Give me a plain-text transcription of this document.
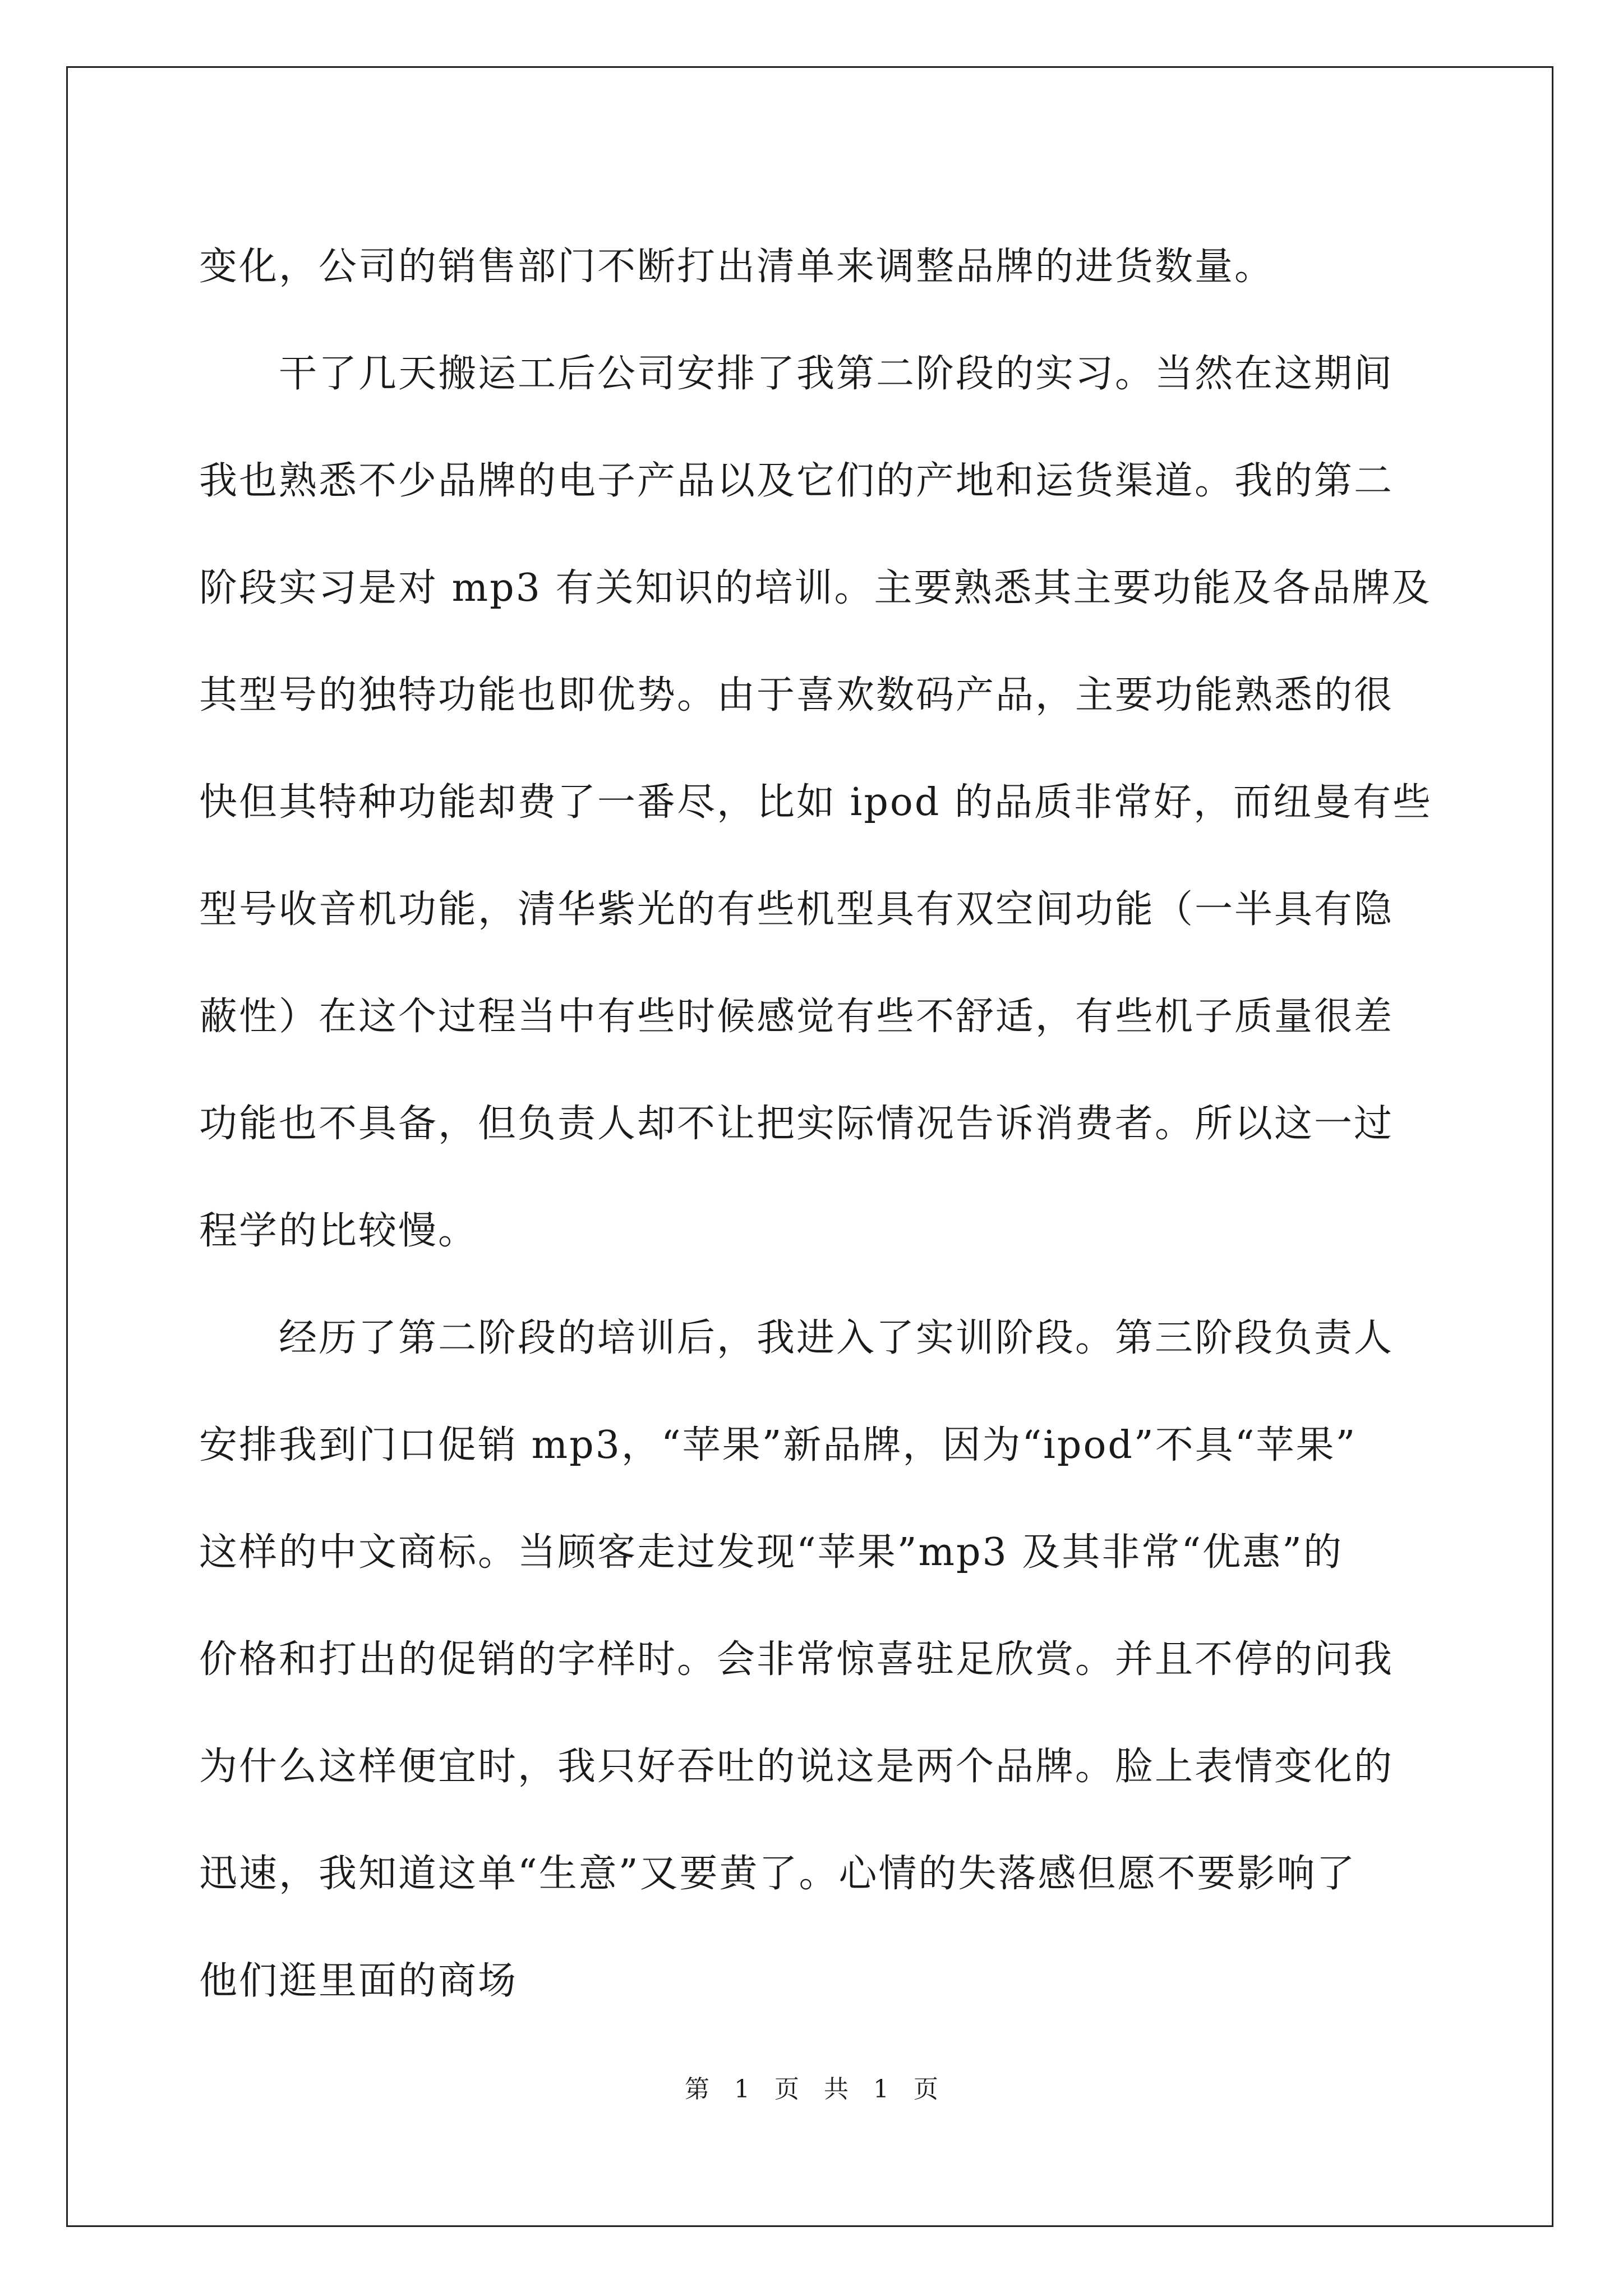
变化，公司的销售部门不断打出清单来调整品牌的进货数量。
　　干了几天搬运工后公司安排了我第二阶段的实习。当然在这期间
我也熟悉不少品牌的电子产品以及它们的产地和运货渠道。我的第二
阶段实习是对 mp3 有关知识的培训。主要熟悉其主要功能及各品牌及
其型号的独特功能也即优势。由于喜欢数码产品，主要功能熟悉的很
快但其特种功能却费了一番尽，比如 ipod 的品质非常好，而纽曼有些
型号收音机功能，清华紫光的有些机型具有双空间功能（一半具有隐
蔽性）在这个过程当中有些时候感觉有些不舒适，有些机子质量很差
功能也不具备，但负责人却不让把实际情况告诉消费者。所以这一过
程学的比较慢。
　　经历了第二阶段的培训后，我进入了实训阶段。第三阶段负责人
安排我到门口促销 mp3，“苹果”新品牌，因为“ipod”不具“苹果”
这样的中文商标。当顾客走过发现“苹果”mp3 及其非常“优惠”的
价格和打出的促销的字样时。会非常惊喜驻足欣赏。并且不停的问我
为什么这样便宜时，我只好吞吐的说这是两个品牌。脸上表情变化的
迅速，我知道这单“生意”又要黄了。心情的失落感但愿不要影响了
他们逛里面的商场
第 1 页 共 1 页
